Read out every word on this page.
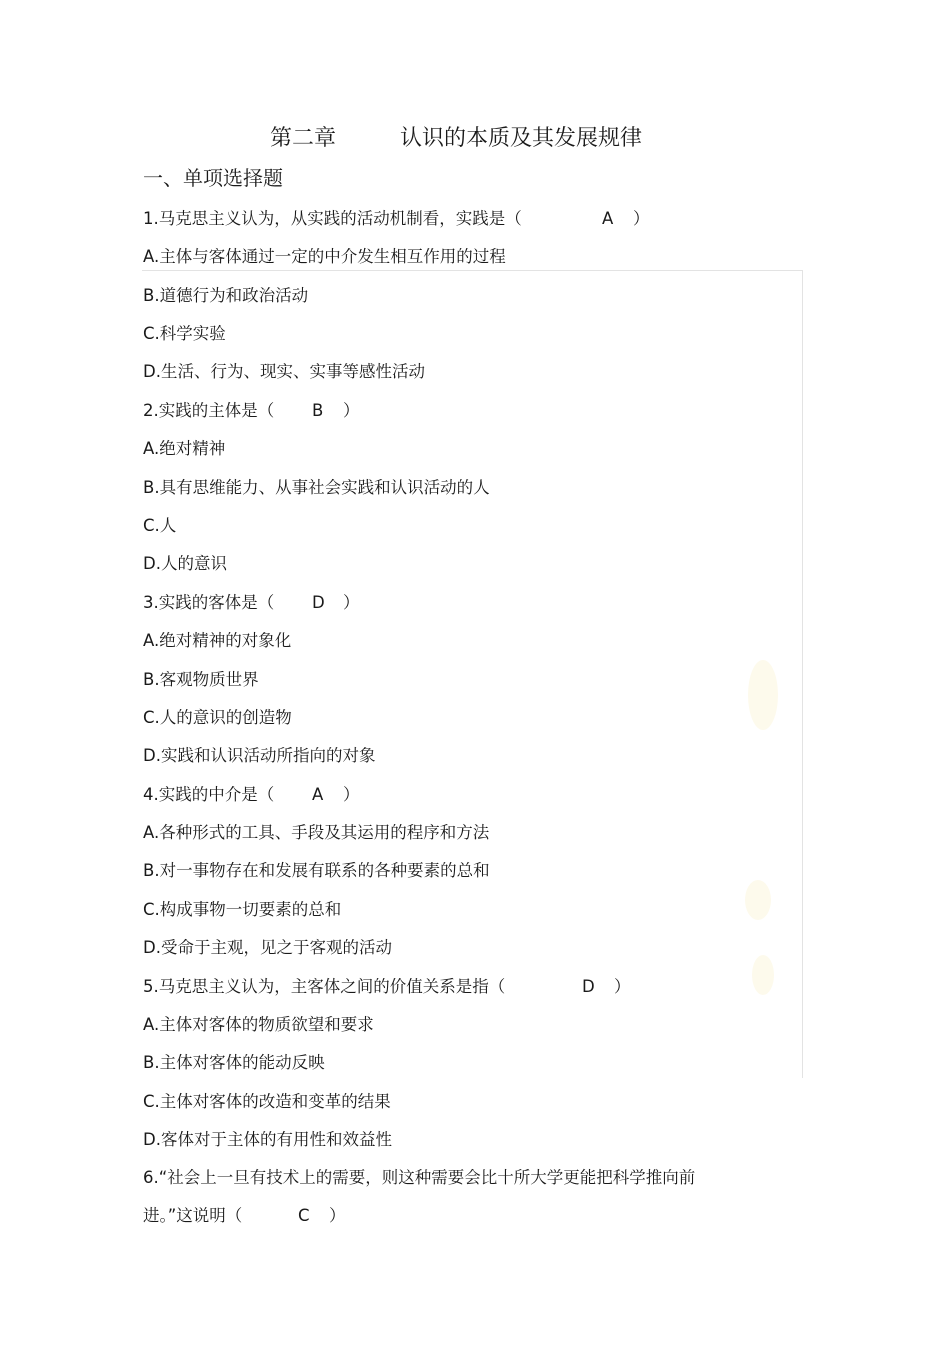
第二章	认识的本质及其发展规律
一、单项选择题
1.马克思主义认为，从实践的活动机制看，实践是（	A ）
A.主体与客体通过一定的中介发生相互作用的过程
B.道德行为和政治活动
C.科学实验
D.生活、行为、现实、实事等感性活动
2.实践的主体是（ B ）
A.绝对精神
B.具有思维能力、从事社会实践和认识活动的人
C.人
D.人的意识
3.实践的客体是（ D ）
A.绝对精神的对象化
B.客观物质世界
C.人的意识的创造物
D.实践和认识活动所指向的对象
4.实践的中介是（ A ）
A.各种形式的工具、手段及其运用的程序和方法
B.对一事物存在和发展有联系的各种要素的总和
C.构成事物一切要素的总和
D.受命于主观，见之于客观的活动
5.马克思主义认为，主客体之间的价值关系是指（	D ）
A.主体对客体的物质欲望和要求
B.主体对客体的能动反映
C.主体对客体的改造和变革的结果
D.客体对于主体的有用性和效益性
6.“社会上一旦有技术上的需要，则这种需要会比十所大学更能把科学推向前
进。”这说明（	C ）
